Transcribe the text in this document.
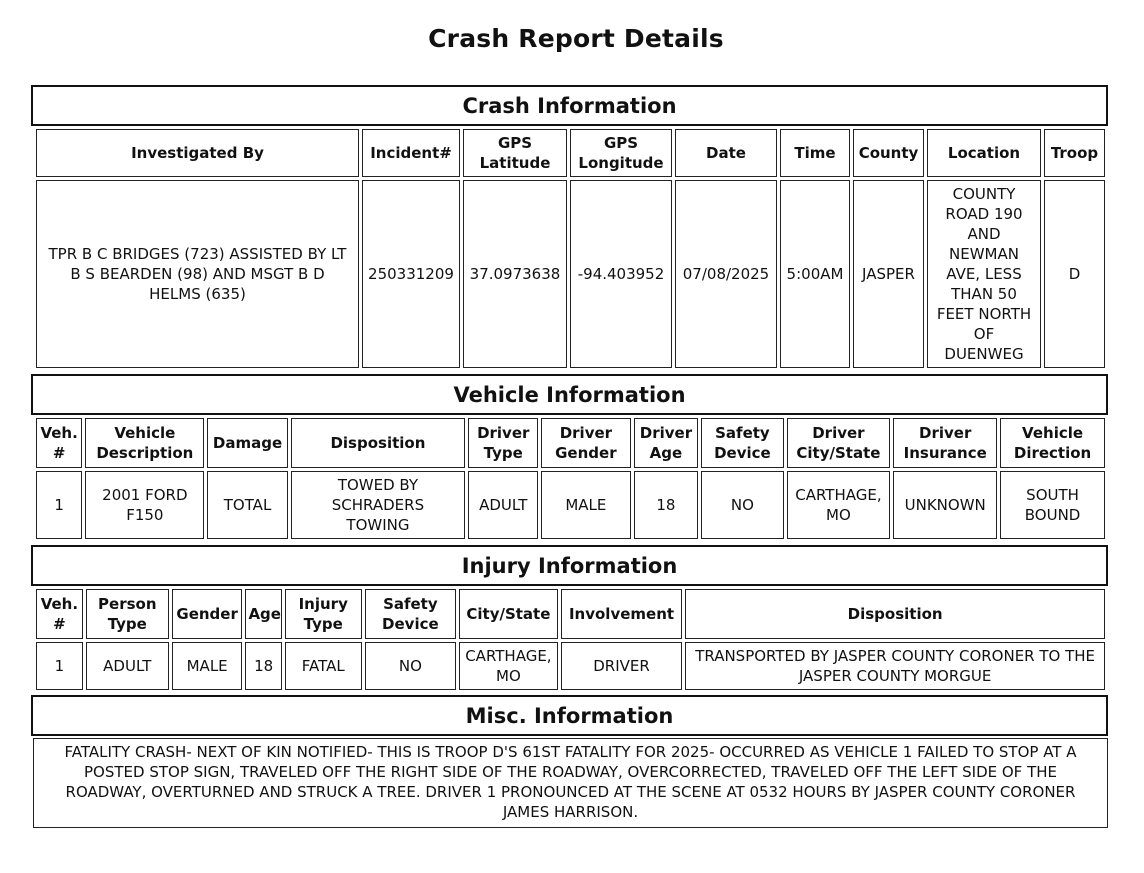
Crash Report Details
Crash Information
Investigated By	Incident#	GPS Latitude	GPS Longitude	Date	Time	County	Location	Troop
TPR B C BRIDGES (723) ASSISTED BY LT B S BEARDEN (98) AND MSGT B D HELMS (635)	250331209	37.0973638	-94.403952	07/08/2025	5:00AM	JASPER	COUNTY ROAD 190 AND NEWMAN AVE, LESS THAN 50 FEET NORTH OF DUENWEG	D
Vehicle Information
Veh. #	Vehicle Description	Damage	Disposition	Driver Type	Driver Gender	Driver Age	Safety Device	Driver City/State	Driver Insurance	Vehicle Direction
1	2001 FORD F150	TOTAL	TOWED BY SCHRADERS TOWING	ADULT	MALE	18	NO	CARTHAGE, MO	UNKNOWN	SOUTH BOUND
Injury Information
Veh. #	Person Type	Gender	Age	Injury Type	Safety Device	City/State	Involvement	Disposition
1	ADULT	MALE	18	FATAL	NO	CARTHAGE, MO	DRIVER	TRANSPORTED BY JASPER COUNTY CORONER TO THE JASPER COUNTY MORGUE
Misc. Information
FATALITY CRASH- NEXT OF KIN NOTIFIED- THIS IS TROOP D'S 61ST FATALITY FOR 2025- OCCURRED AS VEHICLE 1 FAILED TO STOP AT A POSTED STOP SIGN, TRAVELED OFF THE RIGHT SIDE OF THE ROADWAY, OVERCORRECTED, TRAVELED OFF THE LEFT SIDE OF THE ROADWAY, OVERTURNED AND STRUCK A TREE. DRIVER 1 PRONOUNCED AT THE SCENE AT 0532 HOURS BY JASPER COUNTY CORONER JAMES HARRISON.
